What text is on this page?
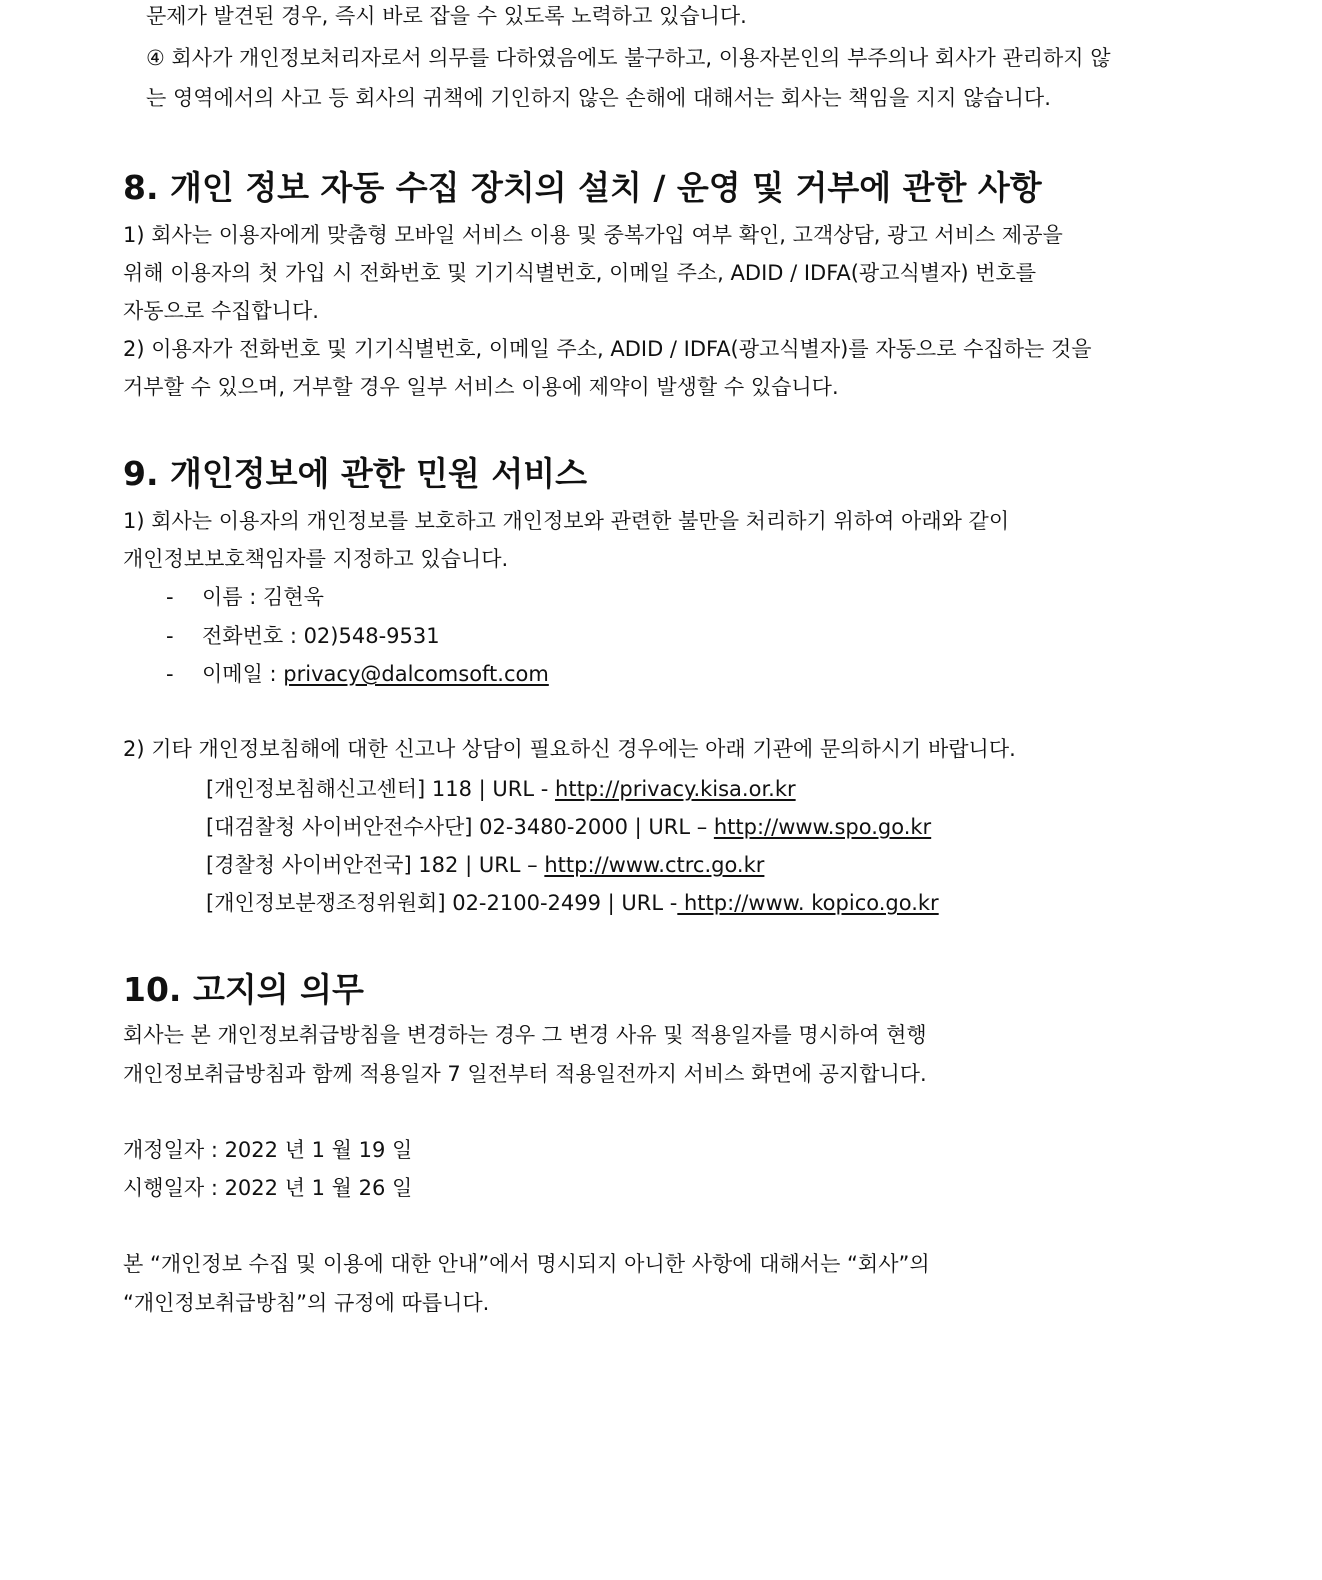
문제가 발견된 경우, 즉시 바로 잡을 수 있도록 노력하고 있습니다.
④ 회사가 개인정보처리자로서 의무를 다하였음에도 불구하고, 이용자본인의 부주의나 회사가 관리하지 않
는 영역에서의 사고 등 회사의 귀책에 기인하지 않은 손해에 대해서는 회사는 책임을 지지 않습니다.
8. 개인 정보 자동 수집 장치의 설치 / 운영 및 거부에 관한 사항
1) 회사는 이용자에게 맞춤형 모바일 서비스 이용 및 중복가입 여부 확인, 고객상담, 광고 서비스 제공을
위해 이용자의 첫 가입 시 전화번호 및 기기식별번호, 이메일 주소, ADID / IDFA(광고식별자) 번호를
자동으로 수집합니다.
2) 이용자가 전화번호 및 기기식별번호, 이메일 주소, ADID / IDFA(광고식별자)를 자동으로 수집하는 것을
거부할 수 있으며, 거부할 경우 일부 서비스 이용에 제약이 발생할 수 있습니다.
9. 개인정보에 관한 민원 서비스
1) 회사는 이용자의 개인정보를 보호하고 개인정보와 관련한 불만을 처리하기 위하여 아래와 같이
개인정보보호책임자를 지정하고 있습니다.
- 이름 : 김현욱
- 전화번호 : 02)548-9531
- 이메일 : privacy@dalcomsoft.com
2) 기타 개인정보침해에 대한 신고나 상담이 필요하신 경우에는 아래 기관에 문의하시기 바랍니다.
[개인정보침해신고센터] 118 | URL - http://privacy.kisa.or.kr
[대검찰청 사이버안전수사단] 02-3480-2000 | URL – http://www.spo.go.kr
[경찰청 사이버안전국] 182 | URL – http://www.ctrc.go.kr
[개인정보분쟁조정위원회] 02-2100-2499 | URL - http://www. kopico.go.kr
10. 고지의 의무
회사는 본 개인정보취급방침을 변경하는 경우 그 변경 사유 및 적용일자를 명시하여 현행
개인정보취급방침과 함께 적용일자 7 일전부터 적용일전까지 서비스 화면에 공지합니다.
개정일자 : 2022 년 1 월 19 일
시행일자 : 2022 년 1 월 26 일
본 “개인정보 수집 및 이용에 대한 안내”에서 명시되지 아니한 사항에 대해서는 “회사”의
“개인정보취급방침”의 규정에 따릅니다.
